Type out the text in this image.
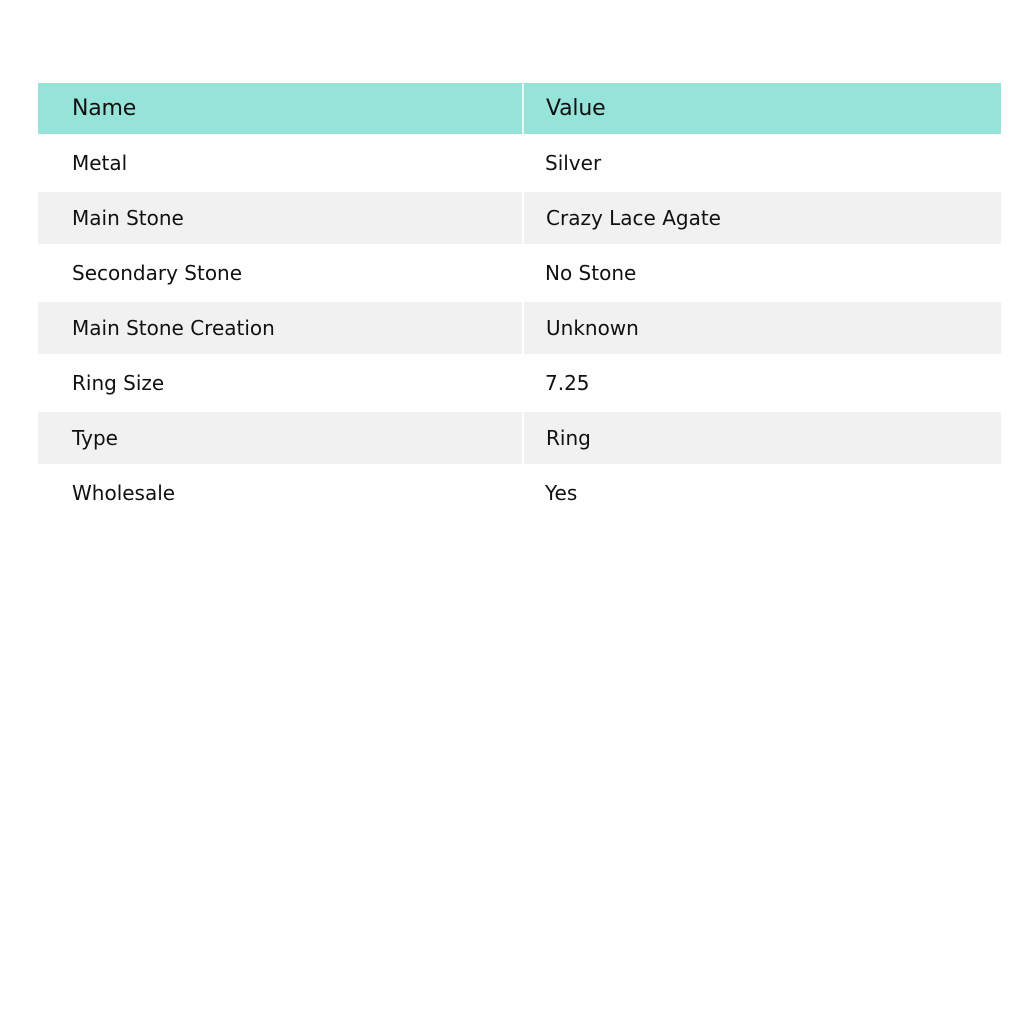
Name	Value
Metal	Silver
Main Stone	Crazy Lace Agate
Secondary Stone	No Stone
Main Stone Creation	Unknown
Ring Size	7.25
Type	Ring
Wholesale	Yes
